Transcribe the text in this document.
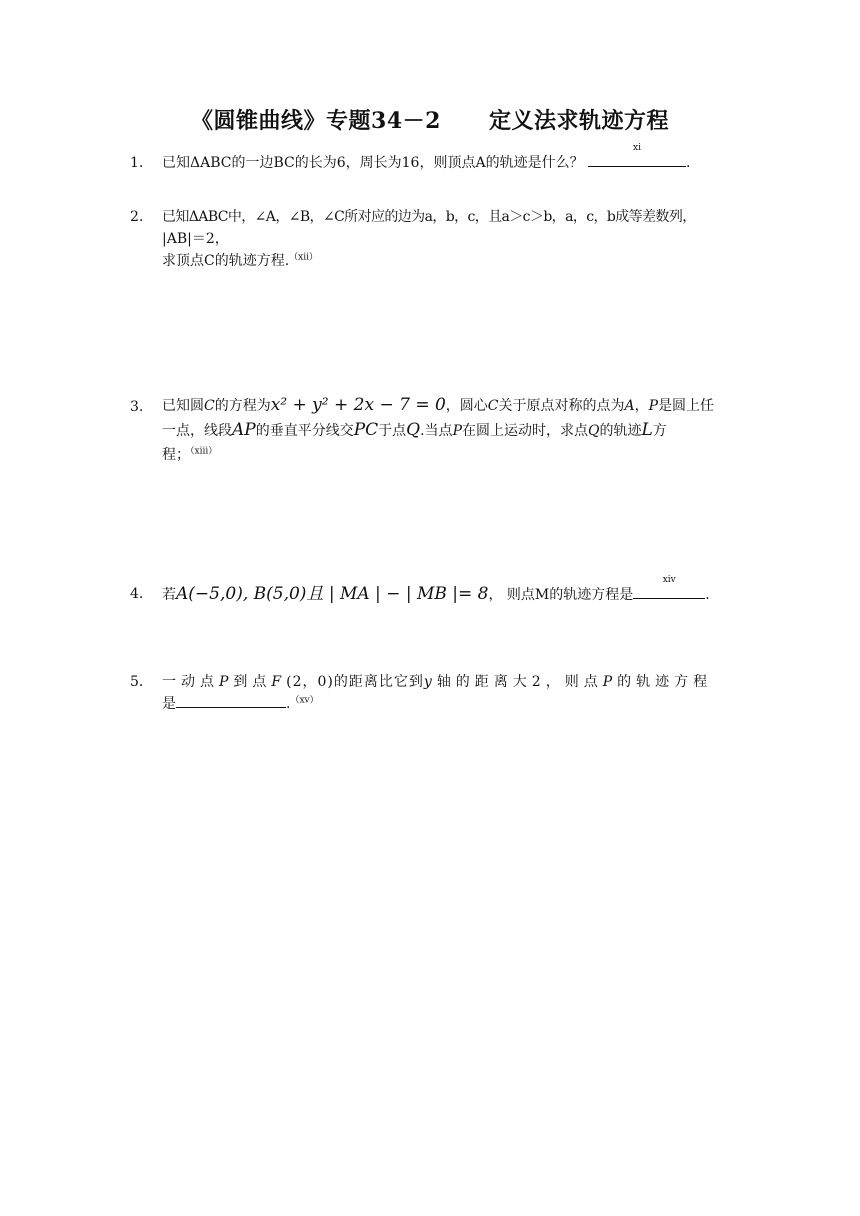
《圆锥曲线》专题34－2 定义法求轨迹方程
1.	已知ΔABC的一边BC的长为6，周长为16，则顶点A的轨迹是什么？
xi
.
2.	已知ΔABC中，∠A，∠B，∠C所对应的边为a，b，c，且a＞c＞b，a，c，b成等差数列，
|AB|＝2，
求顶点C的轨迹方程.$^{(xii)}$
3.	已知圆C的方程为x² + y² + 2x − 7 = 0，圆心C关于原点对称的点为A，P是圆上任
一点，线段AP的垂直平分线交PC于点Q.当点P在圆上运动时，求点Q的轨迹L方
程；$^{(xiii)}$
4.	若A(−5,0), B(5,0)且 | MA | − | MB |= 8， 则点M的轨迹方程是
xiv
.
5.	一动点P到点F(2，0)的距离比它到y轴的距离大2，则点P的轨迹方程
是	.$^{(xv)}$
